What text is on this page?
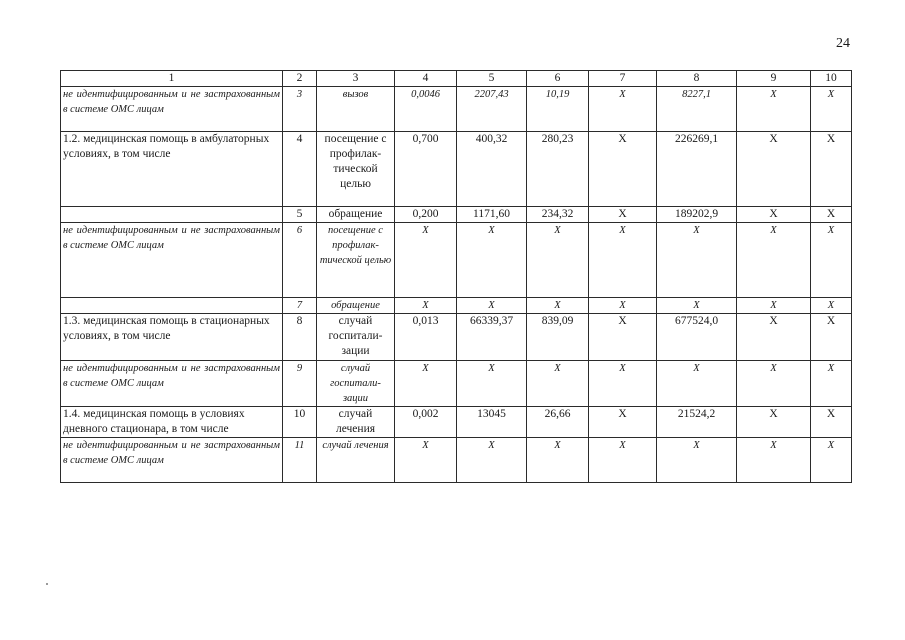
24
1	2	3	4	5	6	7	8	9	10
не идентифицированным и не застрахованным в системе ОМС лицам	3	вызов	0,0046	2207,43	10,19	X	8227,1	X	X
1.2. медицинская помощь в амбулаторных условиях, в том числе	4	посещение с профилак-тической целью	0,700	400,32	280,23	X	226269,1	X	X
	5	обращение	0,200	1171,60	234,32	X	189202,9	X	X
не идентифицированным и не застрахованным в системе ОМС лицам	6	посещение с профилак-тической целью	X	X	X	X	X	X	X
	7	обращение	X	X	X	X	X	X	X
1.3. медицинская помощь в стационарных условиях, в том числе	8	случай госпитали-зации	0,013	66339,37	839,09	X	677524,0	X	X
не идентифицированным и не застрахованным в системе ОМС лицам	9	случай госпитали-зации	X	X	X	X	X	X	X
1.4. медицинская помощь в условиях дневного стационара, в том числе	10	случай лечения	0,002	13045	26,66	X	21524,2	X	X
не идентифицированным и не застрахованным в системе ОМС лицам	11	случай лечения	X	X	X	X	X	X	X
